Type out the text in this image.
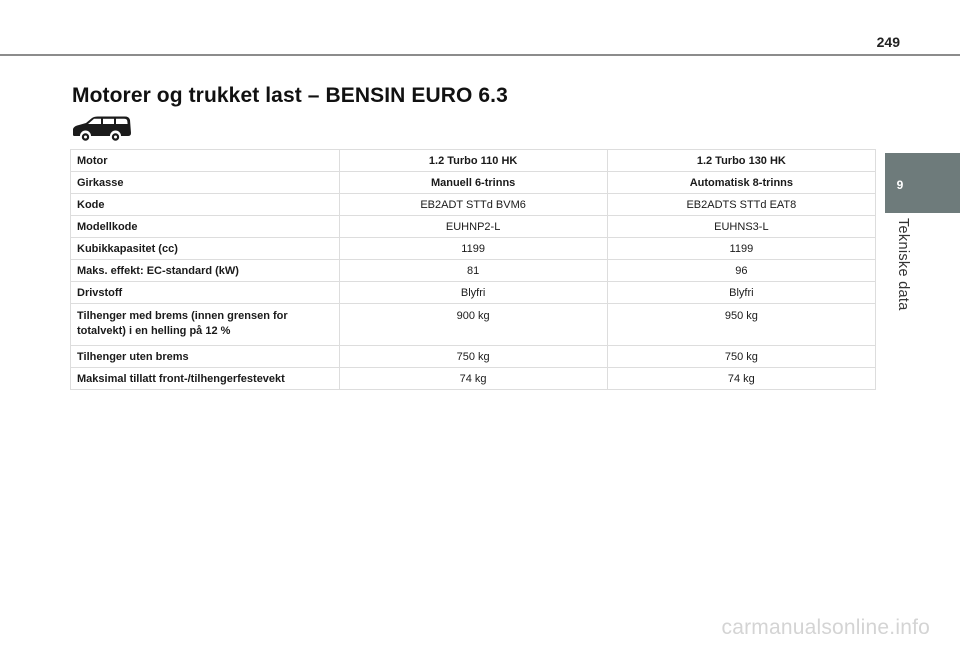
249
Motorer og trukket last – BENSIN EURO 6.3
9
Tekniske data
Motor	1.2 Turbo 110 HK	1.2 Turbo 130 HK
Girkasse	Manuell 6-trinns	Automatisk 8-trinns
Kode	EB2ADT STTd BVM6	EB2ADTS STTd EAT8
Modellkode	EUHNP2-L	EUHNS3-L
Kubikkapasitet (cc)	1199	1199
Maks. effekt: EC-standard (kW)	81	96
Drivstoff	Blyfri	Blyfri
Tilhenger med brems (innen grensen for
totalvekt) i en helling på 12 %	900 kg	950 kg
Tilhenger uten brems	750 kg	750 kg
Maksimal tillatt front-/tilhengerfestevekt	74 kg	74 kg
carmanualsonline.info
